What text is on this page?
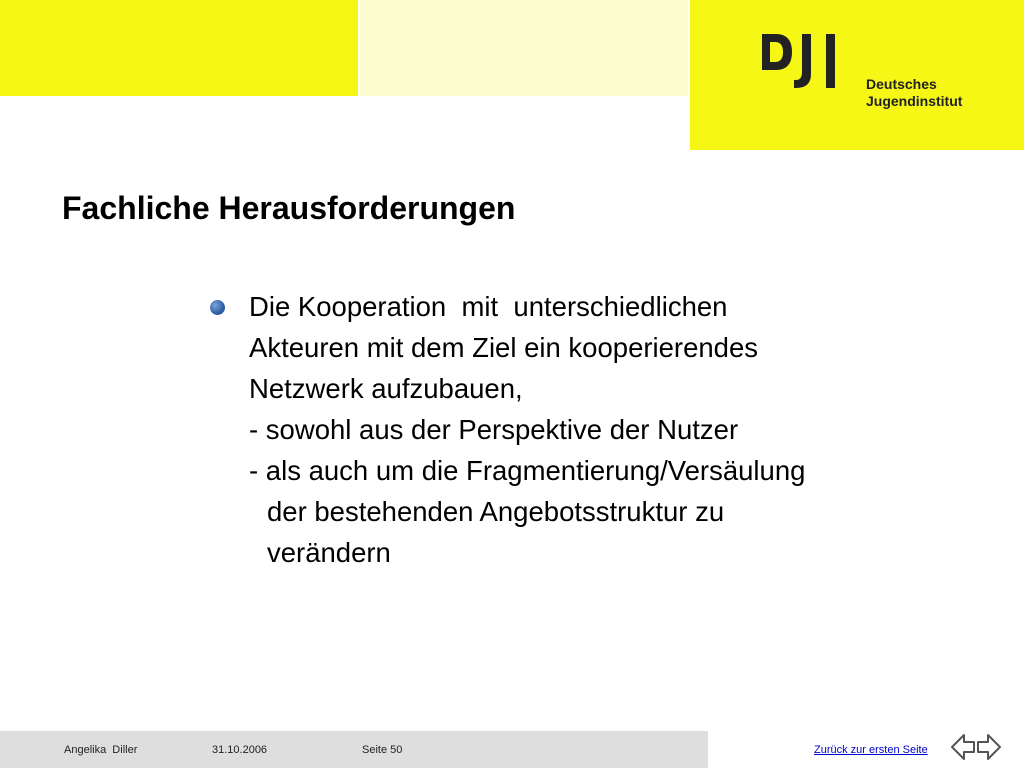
Deutsches
Jugendinstitut
Fachliche Herausforderungen
Die Kooperation  mit  unterschiedlichen
Akteuren mit dem Ziel ein kooperierendes
Netzwerk aufzubauen,
- sowohl aus der Perspektive der Nutzer
- als auch um die Fragmentierung/Versäulung
der bestehenden Angebotsstruktur zu
verändern
Angelika  Diller	31.10.2006	Seite 50	Zurück zur ersten Seite
